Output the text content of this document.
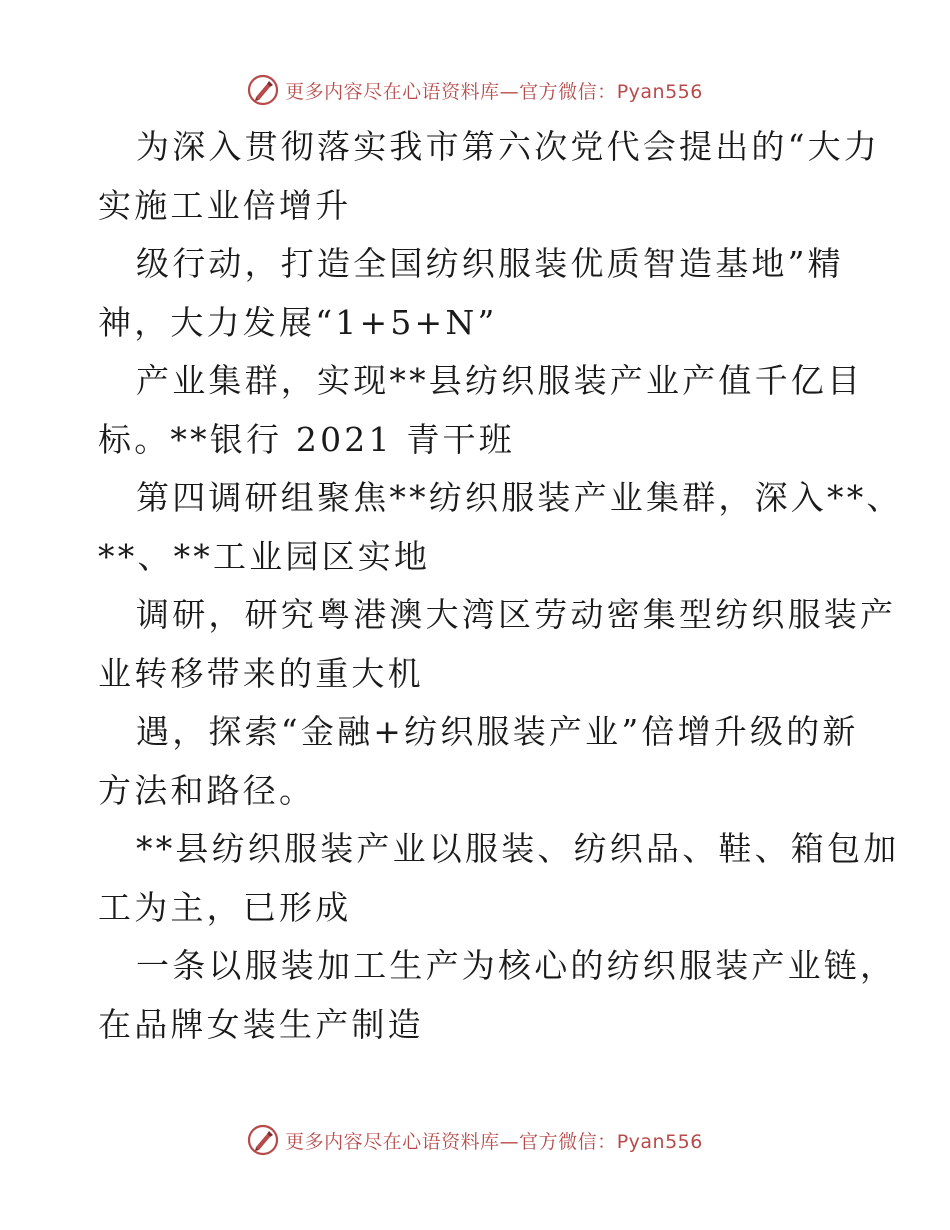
更多内容尽在心语资料库—官方微信：Pyan556
为深入贯彻落实我市第六次党代会提出的“大力
实施工业倍增升
级行动，打造全国纺织服装优质智造基地”精
神，大力发展“1+5+N”
产业集群，实现**县纺织服装产业产值千亿目
标。**银行 2021 青干班
第四调研组聚焦**纺织服装产业集群，深入**、
**、**工业园区实地
调研，研究粤港澳大湾区劳动密集型纺织服装产
业转移带来的重大机
遇，探索“金融+纺织服装产业”倍增升级的新
方法和路径。
**县纺织服装产业以服装、纺织品、鞋、箱包加
工为主，已形成
一条以服装加工生产为核心的纺织服装产业链，
在品牌女装生产制造
更多内容尽在心语资料库—官方微信：Pyan556
